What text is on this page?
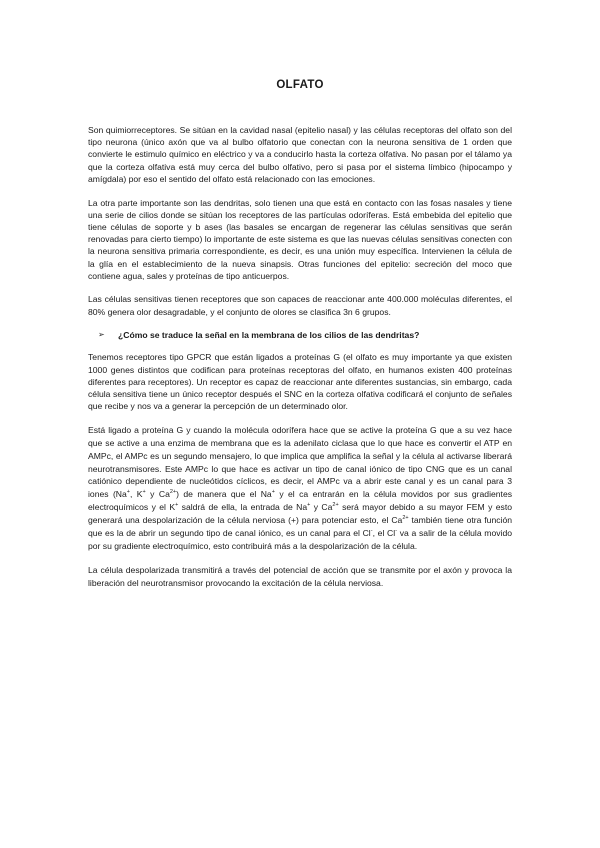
OLFATO

Son quimiorreceptores. Se sitúan en la cavidad nasal (epitelio nasal) y las células receptoras del olfato son del tipo neurona (único axón que va al bulbo olfatorio que conectan con la neurona sensitiva de 1 orden que convierte le estimulo químico en eléctrico y va a conducirlo hasta la corteza olfativa. No pasan por el tálamo ya que la corteza olfativa está muy cerca del bulbo olfativo, pero si pasa por el sistema límbico (hipocampo y amígdala) por eso el sentido del olfato está relacionado con las emociones.

La otra parte importante son las dendritas, solo tienen una que está en contacto con las fosas nasales y tiene una serie de cilios donde se sitúan los receptores de las partículas odoríferas. Está embebida del epitelio que tiene células de soporte y b ases (las basales se encargan de regenerar las células sensitivas que serán renovadas para cierto tiempo) lo importante de este sistema es que las nuevas células sensitivas conecten con la neurona sensitiva primaria correspondiente, es decir, es una unión muy específica. Intervienen la célula de la glía en el establecimiento de la nueva sinapsis. Otras funciones del epitelio: secreción del moco que contiene agua, sales y proteínas de tipo anticuerpos.

Las células sensitivas tienen receptores que son capaces de reaccionar ante 400.000 moléculas diferentes, el 80% genera olor desagradable, y el conjunto de olores se clasifica 3n 6 grupos.

➢ ¿Cómo se traduce la señal en la membrana de los cilios de las dendritas?

Tenemos receptores tipo GPCR que están ligados a proteínas G (el olfato es muy importante ya que existen 1000 genes distintos que codifican para proteínas receptoras del olfato, en humanos existen 400 proteínas diferentes para receptores). Un receptor es capaz de reaccionar ante diferentes sustancias, sin embargo, cada célula sensitiva tiene un único receptor después el SNC en la corteza olfativa codificará el conjunto de señales que recibe y nos va a generar la percepción de un determinado olor.

Está ligado a proteína G y cuando la molécula odorífera hace que se active la proteína G que a su vez hace que se active a una enzima de membrana que es la adenilato ciclasa que lo que hace es convertir el ATP en AMPc, el AMPc es un segundo mensajero, lo que implica que amplifica la señal y la célula al activarse liberará neurotransmisores. Este AMPc lo que hace es activar un tipo de canal iónico de tipo CNG que es un canal catiónico dependiente de nucleótidos cíclicos, es decir, el AMPc va a abrir este canal y es un canal para 3 iones (Na+, K+ y $Ca^{2+}$) de manera que el Na+ y el ca entrarán en la célula movidos por sus gradientes electroquímicos y el K+ saldrá de ella, la entrada de Na+ y $Ca^{2+}$ será mayor debido a su mayor FEM y esto generará una despolarización de la célula nerviosa (+) para potenciar esto, el $Ca^{2+}$ también tiene otra función que es la de abrir un segundo tipo de canal iónico, es un canal para el Cl-, el Cl- va a salir de la célula movido por su gradiente electroquímico, esto contribuirá más a la despolarización de la célula.

La célula despolarizada transmitirá a través del potencial de acción que se transmite por el axón y provoca la liberación del neurotransmisor provocando la excitación de la célula nerviosa.
